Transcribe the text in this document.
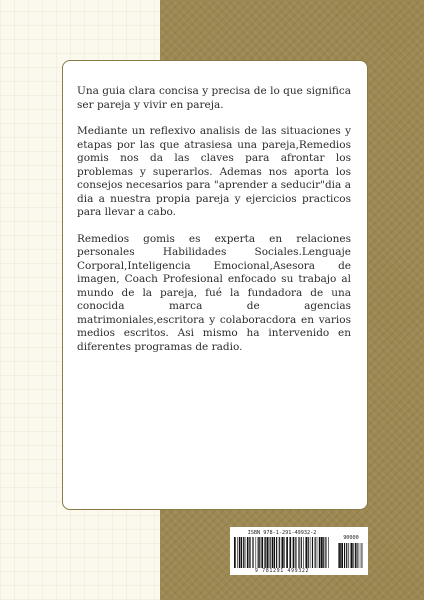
Una guia clara concisa y precisa de lo que significa ser pareja y vivir en pareja.

Mediante un reflexivo analisis de las situaciones y etapas por las que atrasiesa una pareja,Remedios gomis nos da las claves para afrontar los problemas y superarlos. Ademas nos aporta los consejos necesarios para "aprender a seducir"dia a dia a nuestra propia pareja y ejercicios practicos para llevar a cabo.

Remedios gomis es experta en relaciones personales Habilidades Sociales.Lenguaje Corporal,Inteligencia Emocional,Asesora de imagen, Coach Profesional enfocado su trabajo al mundo de la pareja, fué la fundadora de una conocida marca de agencias matrimoniales,escritora y colaboracdora en varios medios escritos. Asi mismo ha intervenido en diferentes programas de radio.

ISBN 978-1-291-49932-2
90000
9 781291 499322
